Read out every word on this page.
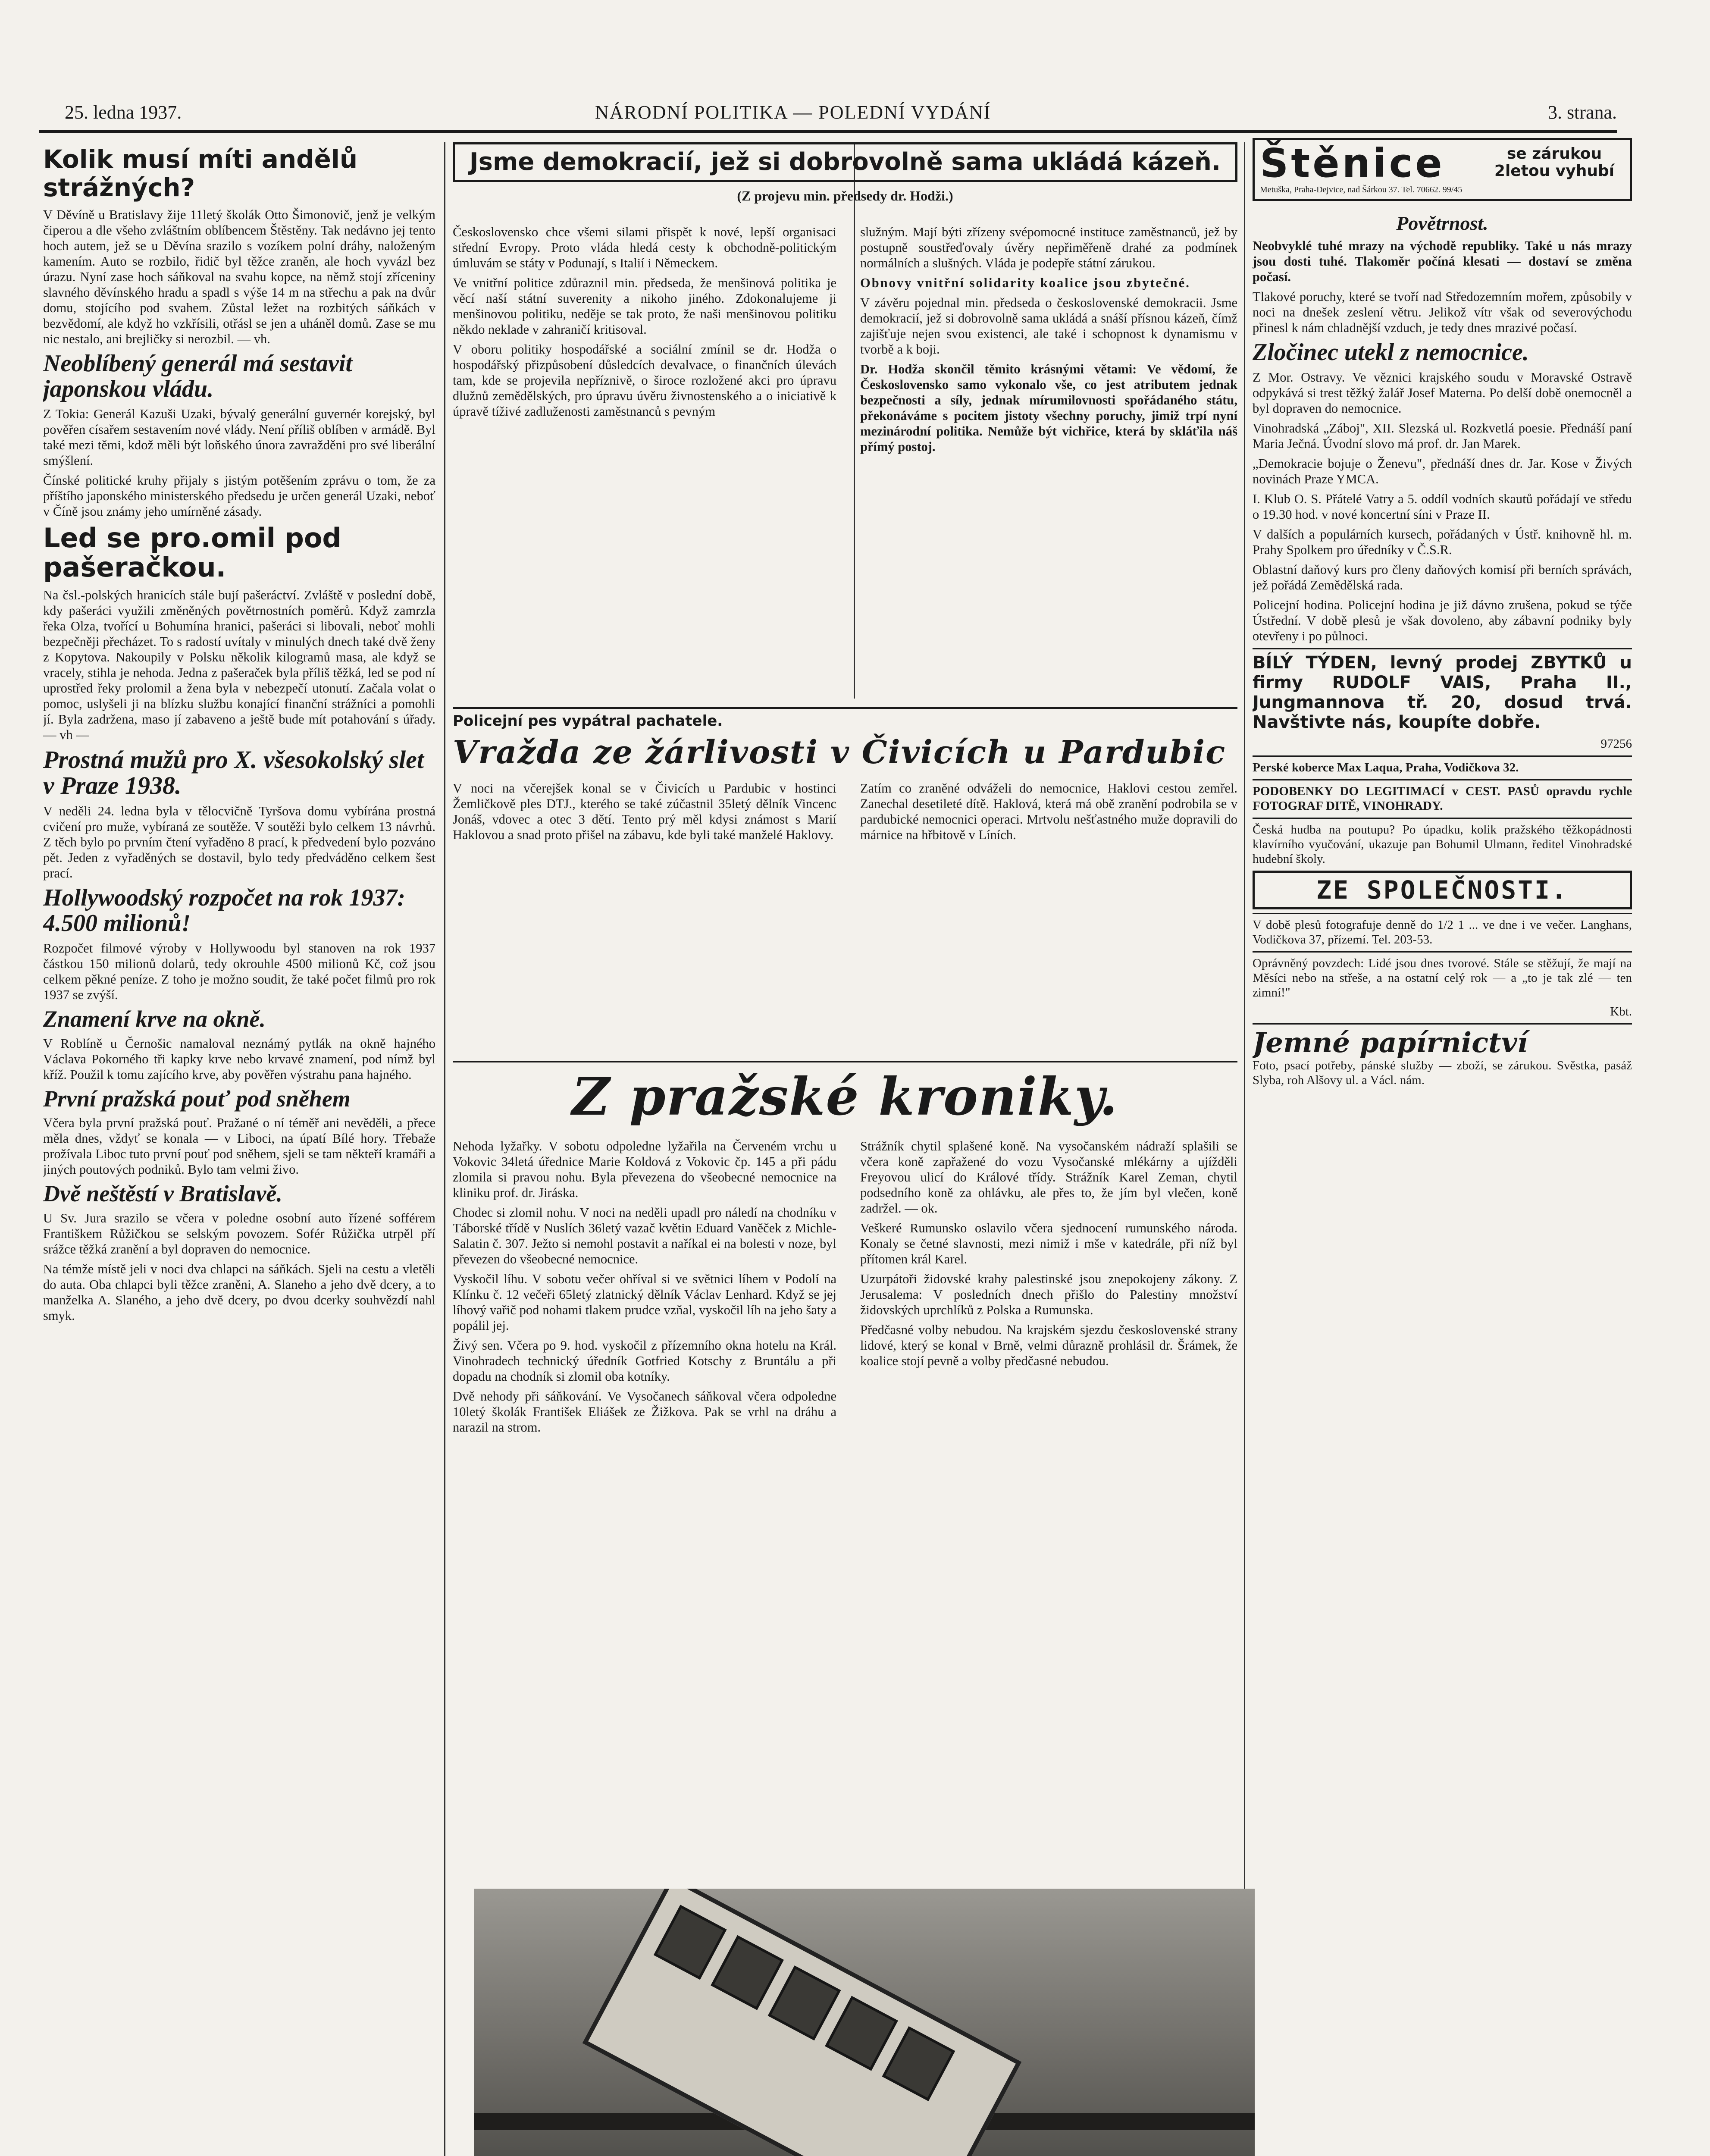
25. ledna 1937.	NÁRODNÍ POLITIKA — POLEDNÍ VYDÁNÍ	3. strana.
Kolik musí míti andělů strážných?

V Děvíně u Bratislavy žije 11letý školák Otto Šimonovič, jenž je velkým čiperou a dle všeho zvláštním oblíbencem Štěstěny. Tak nedávno jej tento hoch autem, jež se u Děvína srazilo s vozíkem polní dráhy, naloženým kamením. Auto se rozbilo, řidič byl těžce zraněn, ale hoch vyvázl bez úrazu. Nyní zase hoch sáňkoval na svahu kopce, na němž stojí zříceniny slavného děvínského hradu a spadl s výše 14 m na střechu a pak na dvůr domu, stojícího pod svahem. Zůstal ležet na rozbitých sáňkách v bezvědomí, ale když ho vzkřísili, otřásl se jen a uháněl domů. Zase se mu nic nestalo, ani brejličky si nerozbil. — vh.

Neoblíbený generál má sestavit japonskou vládu.

Z Tokia: Generál Kazuši Uzaki, bývalý generální guvernér korejský, byl pověřen císařem sestavením nové vlády. Není příliš oblíben v armádě. Byl také mezi těmi, kdož měli být loňského února zavražděni pro své liberální smýšlení.

Čínské politické kruhy přijaly s jistým potěšením zprávu o tom, že za příštího japonského ministerského předsedu je určen generál Uzaki, neboť v Číně jsou známy jeho umírněné zásady.

Led se pro.omil pod pašeračkou.

Na čsl.-polských hranicích stále bují pašeráctví. Zvláště v poslední době, kdy pašeráci využili změněných povětrnostních poměrů. Když zamrzla řeka Olza, tvořící u Bohumína hranici, pašeráci si libovali, neboť mohli bezpečněji přecházet. To s radostí uvítaly v minulých dnech také dvě ženy z Kopytova. Nakoupily v Polsku několik kilogramů masa, ale když se vracely, stihla je nehoda. Jedna z pašeraček byla příliš těžká, led se pod ní uprostřed řeky prolomil a žena byla v nebezpečí utonutí. Začala volat o pomoc, uslyšeli ji na blízku službu konající finanční strážníci a pomohli jí. Byla zadržena, maso jí zabaveno a ještě bude mít potahování s úřady. — vh —

Prostná mužů pro X. všesokolský slet v Praze 1938.

V neděli 24. ledna byla v tělocvičně Tyršova domu vybírána prostná cvičení pro muže, vybíraná ze soutěže. V soutěži bylo celkem 13 návrhů. Z těch bylo po prvním čtení vyřaděno 8 prací, k předvedení bylo pozváno pět. Jeden z vyřaděných se dostavil, bylo tedy předváděno celkem šest prací.

Hollywoodský rozpočet na rok 1937: 4.500 milionů!

Rozpočet filmové výroby v Hollywoodu byl stanoven na rok 1937 částkou 150 milionů dolarů, tedy okrouhle 4500 milionů Kč, což jsou celkem pěkné peníze. Z toho je možno soudit, že také počet filmů pro rok 1937 se zvýší.

Znamení krve na okně.

V Roblíně u Černošic namaloval neznámý pytlák na okně hajného Václava Pokorného tři kapky krve nebo krvavé znamení, pod nímž byl kříž. Použil k tomu zajícího krve, aby pověřen výstrahu pana hajného.

První pražská pouť pod sněhem

Včera byla první pražská pouť. Pražané o ní téměř ani nevěděli, a přece měla dnes, vždyť se konala — v Liboci, na úpatí Bílé hory. Třebaže prožívala Liboc tuto první pouť pod sněhem, sjeli se tam někteří kramáři a jiných poutových podniků. Bylo tam velmi živo.

Dvě neštěstí v Bratislavě.

U Sv. Jura srazilo se včera v poledne osobní auto řízené sofférem Františkem Růžičkou se selským povozem. Sofér Růžička utrpěl pří srážce těžká zranění a byl dopraven do nemocnice.

Na témže místě jeli v noci dva chlapci na sáňkách. Sjeli na cestu a vletěli do auta. Oba chlapci byli těžce zraněni, A. Slaneho a jeho dvě dcery, a to manželka A. Slaného, a jeho dvě dcery, po dvou dcerky souhvězdí nahl smyk.

Jsme demokracií, jež si dobrovolně sama ukládá kázeň.
(Z projevu min. předsedy dr. Hodži.)

Československo chce všemi silami přispět k nové, lepší organisaci střední Evropy. Proto vláda hledá cesty k obchodně-politickým úmluvám se státy v Podunají, s Italií i Německem.

Ve vnitřní politice zdůraznil min. předseda, že menšinová politika je věcí naší státní suverenity a nikoho jiného. Zdokonalujeme ji menšinovou politiku, neděje se tak proto, že naši menšinovou politiku někdo neklade v zahraničí kritisoval.

V oboru politiky hospodářské a sociální zmínil se dr. Hodža o hospodářský přizpůsobení důsledcích devalvace, o finančních úlevách tam, kde se projevila nepříznivě, o široce rozložené akci pro úpravu dlužnů zemědělských, pro úpravu úvěru živnostenského a o iniciativě k úpravě tíživé zadluženosti zaměstnanců s pevným

služným. Mají býti zřízeny svépomocné instituce zaměstnanců, jež by postupně soustřeďovaly úvěry nepřiměřeně drahé za podmínek normálních a slušných. Vláda je podepře státní zárukou.

Obnovy vnitřní solidarity koalice jsou zbytečné.

V závěru pojednal min. předseda o československé demokracii. Jsme demokracií, jež si dobrovolně sama ukládá a snáší přísnou kázeň, čímž zajišťuje nejen svou existenci, ale také i schopnost k dynamismu v tvorbě a k boji.

Dr. Hodža skončil těmito krásnými větami: Ve vědomí, že Československo samo vykonalo vše, co jest atributem jednak bezpečnosti a síly, jednak mírumilovnosti spořádaného státu, překonáváme s pocitem jistoty všechny poruchy, jimiž trpí nyní mezinárodní politika. Nemůže být vichřice, která by skláťila náš přímý postoj.

Policejní pes vypátral pachatele.
Vražda ze žárlivosti v Čivicích u Pardubic

V noci na včerejšek konal se v Čivicích u Pardubic v hostinci Žemličkově ples DTJ., kterého se také zúčastnil 35letý dělník Vincenc Jonáš, vdovec a otec 3 dětí. Tento prý měl kdysi známost s Marií Haklovou a snad proto přišel na zábavu, kde byli také manželé Haklovy.

Zatím co zraněné odváželi do nemocnice, Haklovi cestou zemřel. Zanechal desetileté dítě. Haklová, která má obě zranění podrobila se v pardubické nemocnici operaci. Mrtvolu nešťastného muže dopravili do márnice na hřbitově v Líních.

Z pražské kroniky.

Nehoda lyžařky. V sobotu odpoledne lyžařila na Červeném vrchu u Vokovic 34letá úřednice Marie Koldová z Vokovic čp. 145 a při pádu zlomila si pravou nohu. Byla převezena do všeobecné nemocnice na kliniku prof. dr. Jiráska.

Chodec si zlomil nohu. V noci na neděli upadl pro náledí na chodníku v Táborské třídě v Nuslích 36letý vazač květin Eduard Vaněček z Michle-Salatin č. 307. Ježto si nemohl postavit a naříkal ei na bolesti v noze, byl převezen do všeobecné nemocnice.

Vyskočil líhu. V sobotu večer ohříval si ve světnici líhem v Podolí na Klínku č. 12 večeři 65letý zlatnický dělník Václav Lenhard. Když se jej líhový vařič pod nohami tlakem prudce vzňal, vyskočil líh na jeho šaty a popálil jej.

Živý sen. Včera po 9. hod. vyskočil z přízemního okna hotelu na Král. Vinohradech technický úředník Gotfried Kotschy z Bruntálu a při dopadu na chodník si zlomil oba kotníky.

Dvě nehody při sáňkování. Ve Vysočanech sáňkoval včera odpoledne 10letý školák František Eliášek ze Žižkova. Pak se vrhl na dráhu a narazil na strom.

Strážník chytil splašené koně. Na vysočanském nádraží splašili se včera koně zapřažené do vozu Vysočanské mlékárny a ujížděli Freyovou ulicí do Králové třídy. Strážník Karel Zeman, chytil podsedního koně za ohlávku, ale přes to, že jím byl vlečen, koně zadržel. — ok.

Veškeré Rumunsko oslavilo včera sjednocení rumunského národa. Konaly se četné slavnosti, mezi nimiž i mše v katedrále, při níž byl přítomen král Karel.

Uzurpátoři židovské krahy palestinské jsou znepokojeny zákony. Z Jerusalema: V posledních dnech přišlo do Palestiny množství židovských uprchlíků z Polska a Rumunska.

Předčasné volby nebudou. Na krajském sjezdu československé strany lidové, který se konal v Brně, velmi důrazně prohlásil dr. Šrámek, že koalice stojí pevně a volby předčasné nebudou.

Štěnice	se zárukou 2letou vyhubí
Metuška, Praha-Dejvice, nad Šárkou 37. Tel. 70662. 99/45
Povětrnost.

Neobvyklé tuhé mrazy na východě republiky. Také u nás mrazy jsou dosti tuhé. Tlakoměr počíná klesati — dostaví se změna počasí.

Tlakové poruchy, které se tvoří nad Středozemním mořem, způsobily v noci na dnešek zeslení větru. Jelikož vítr však od severovýchodu přinesl k nám chladnější vzduch, je tedy dnes mrazivé počasí.

Zločinec utekl z nemocnice.

Z Mor. Ostravy. Ve věznici krajského soudu v Moravské Ostravě odpykává si trest těžký žalář Josef Materna. Po delší době onemocněl a byl dopraven do nemocnice.

Vinohradská „Záboj", XII. Slezská ul. Rozkvetlá poesie. Přednáší paní Maria Ječná. Úvodní slovo má prof. dr. Jan Marek.

„Demokracie bojuje o Ženevu", přednáší dnes dr. Jar. Kose v Živých novinách Praze YMCA.

I. Klub O. S. Přátelé Vatry a 5. oddíl vodních skautů pořádají ve středu o 19.30 hod. v nové koncertní síni v Praze II.

V dalších a populárních kursech, pořádaných v Ústř. knihovně hl. m. Prahy Spolkem pro úředníky v Č.S.R.

Oblastní daňový kurs pro členy daňových komisí při berních správách, jež pořádá Zemědělská rada.

Policejní hodina. Policejní hodina je již dávno zrušena, pokud se týče Ústřední. V době plesů je však dovoleno, aby zábavní podniky byly otevřeny i po půlnoci.

BÍLÝ TÝDEN, levný prodej ZBYTKŮ u firmy RUDOLF VAIS, Praha II., Jungmannova tř. 20, dosud trvá. Navštivte nás, koupíte dobře.

97256

Perské koberce Max Laqua, Praha, Vodičkova 32.

PODOBENKY DO LEGITIMACÍ v CEST. PASŮ opravdu rychle FOTOGRAF DITĚ, VINOHRADY.

Česká hudba na poutupu? Po úpadku, kolik pražského těžkopádnosti klavírního vyučování, ukazuje pan Bohumil Ulmann, ředitel Vinohradské hudební školy.

ZE SPOLEČNOSTI.

V době plesů fotografuje denně do 1/2 1 ... ve dne i ve večer. Langhans, Vodičkova 37, přízemí. Tel. 203-53.

Oprávněný povzdech: Lidé jsou dnes tvorové. Stále se stěžují, že mají na Měsíci nebo na střeše, a na ostatní celý rok — a „to je tak zlé — ten zimní!"

Kbt.

Jemné papírnictví

Foto, psací potřeby, pánské služby — zboží, se zárukou. Svěstka, pasáž Slyba, roh Alšovy ul. a Václ. nám.
